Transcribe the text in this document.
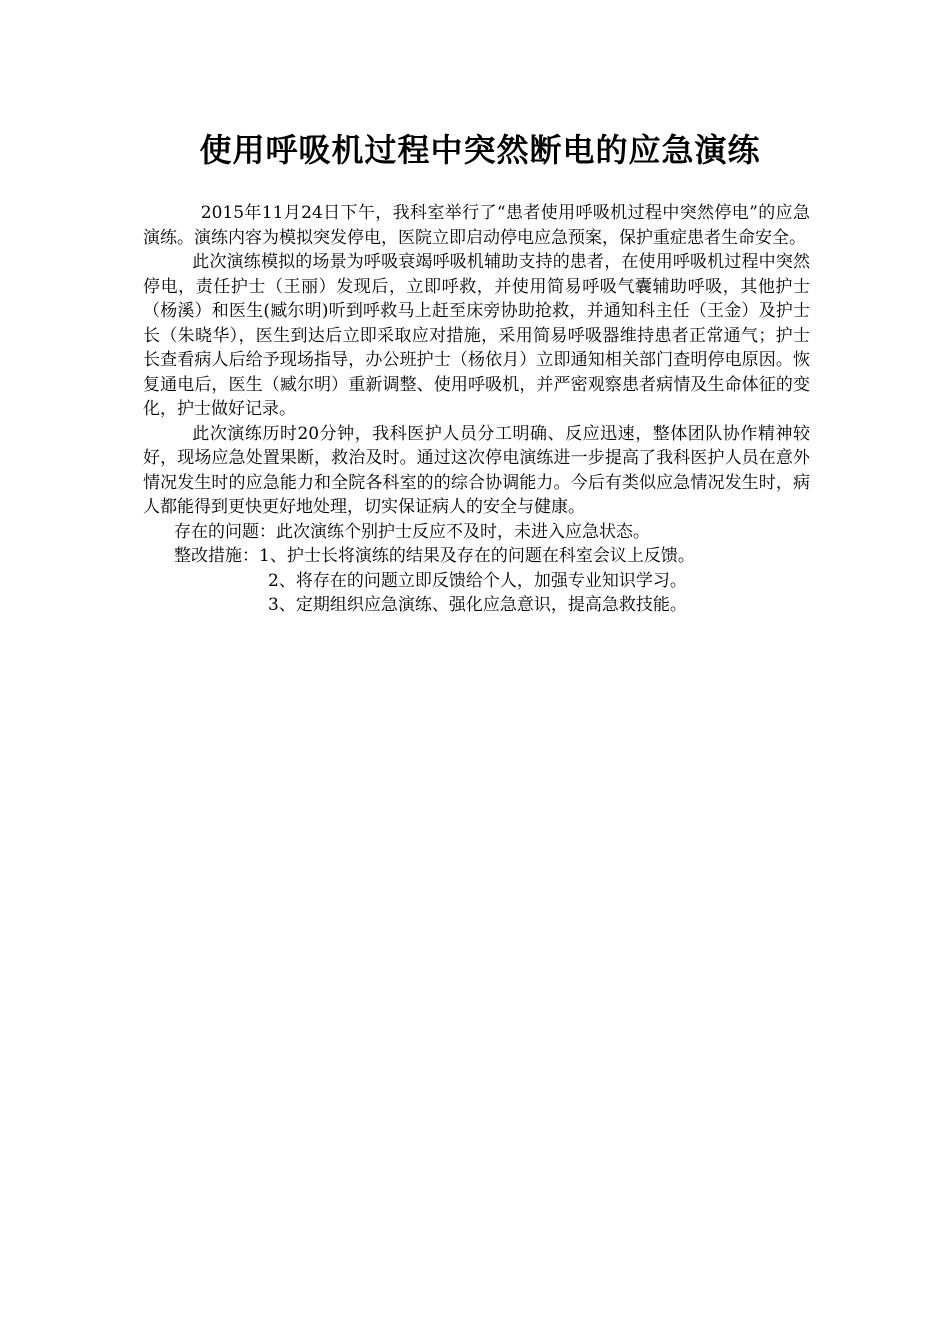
使用呼吸机过程中突然断电的应急演练

2015年11月24日下午，我科室举行了“患者使用呼吸机过程中突然停电”的应急演练。演练内容为模拟突发停电，医院立即启动停电应急预案，保护重症患者生命安全。

此次演练模拟的场景为呼吸衰竭呼吸机辅助支持的患者，在使用呼吸机过程中突然停电，责任护士（王丽）发现后，立即呼救，并使用简易呼吸气囊辅助呼吸，其他护士（杨溪）和医生(臧尔明)听到呼救马上赶至床旁协助抢救，并通知科主任（王金）及护士长（朱晓华），医生到达后立即采取应对措施，采用简易呼吸器维持患者正常通气；护士长查看病人后给予现场指导，办公班护士（杨依月）立即通知相关部门查明停电原因。恢复通电后，医生（臧尔明）重新调整、使用呼吸机，并严密观察患者病情及生命体征的变化，护士做好记录。

此次演练历时20分钟，我科医护人员分工明确、反应迅速，整体团队协作精神较好，现场应急处置果断，救治及时。通过这次停电演练进一步提高了我科医护人员在意外情况发生时的应急能力和全院各科室的的综合协调能力。今后有类似应急情况发生时，病人都能得到更快更好地处理，切实保证病人的安全与健康。

存在的问题：此次演练个别护士反应不及时，未进入应急状态。

整改措施：1、护士长将演练的结果及存在的问题在科室会议上反馈。

2、将存在的问题立即反馈给个人，加强专业知识学习。

3、定期组织应急演练、强化应急意识，提高急救技能。
